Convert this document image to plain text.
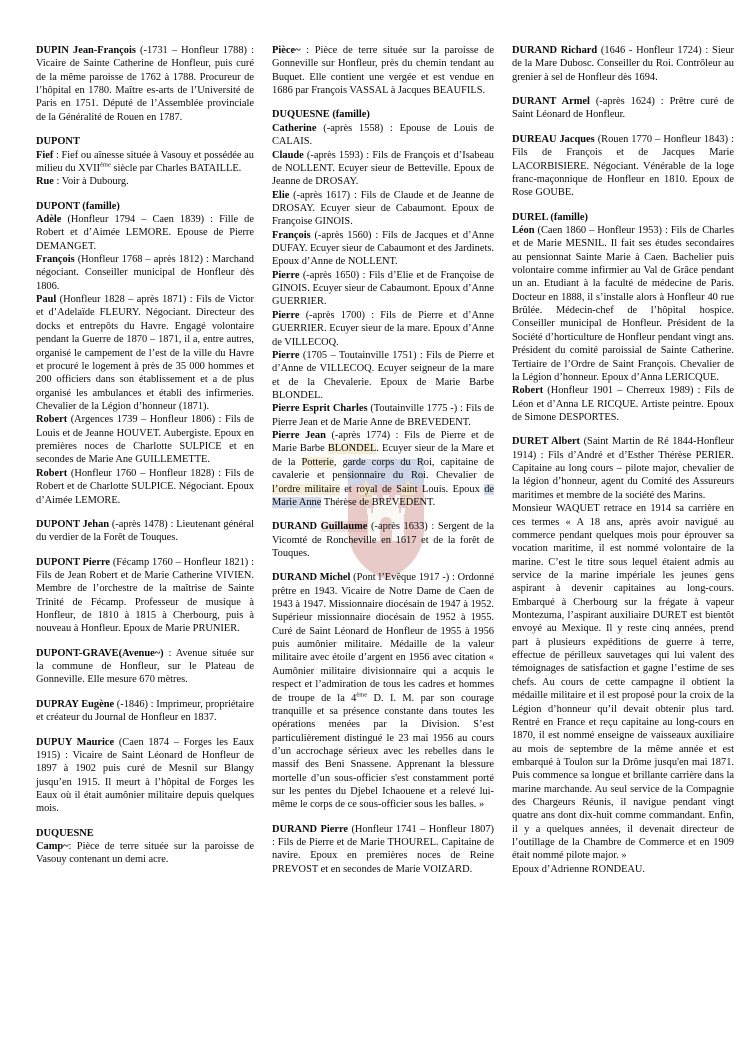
DUPIN Jean-François (-1731 – Honfleur 1788) : Vicaire de Sainte Catherine de Honfleur, puis curé de la même paroisse de 1762 à 1788. Procureur de l’hôpital en 1780. Maître es-arts de l’Université de Paris en 1751. Député de l’Assemblée provinciale de la Généralité de Rouen en 1787.

DUPONT

Fief : Fief ou aînesse située à Vasouy et possédée au milieu du XVIIème siècle par Charles BATAILLE.

Rue : Voir à Dubourg.

DUPONT (famille)

Adèle (Honfleur 1794 – Caen 1839) : Fille de Robert et d’Aimée LEMORE. Epouse de Pierre DEMANGET.

François (Honfleur 1768 – après 1812) : Marchand négociant. Conseiller municipal de Honfleur dès 1806.

Paul (Honfleur 1828 – après 1871) : Fils de Victor et d’Adelaïde FLEURY. Négociant. Directeur des docks et entrepôts du Havre. Engagé volontaire pendant la Guerre de 1870 – 1871, il a, entre autres, organisé le campement de l’est de la ville du Havre et procuré le logement à près de 35 000 hommes et 200 officiers dans son établissement et a de plus organisé les ambulances et établi des infirmeries. Chevalier de la Légion d’honneur (1871).

Robert (Argences 1739 – Honfleur 1806) : Fils de Louis et de Jeanne HOUVET. Aubergiste. Epoux en premières noces de Charlotte SULPICE et en secondes de Marie Ane GUILLEMETTE.

Robert (Honfleur 1760 – Honfleur 1828) : Fils de Robert et de Charlotte SULPICE. Négociant. Epoux d’Aimée LEMORE.

DUPONT Jehan (-après 1478) : Lieutenant général du verdier de la Forêt de Touques.

DUPONT Pierre (Fécamp 1760 – Honfleur 1821) : Fils de Jean Robert et de Marie Catherine VIVIEN. Membre de l’orchestre de la maîtrise de Sainte Trinité de Fécamp. Professeur de musique à Honfleur, de 1810 à 1815 à Cherbourg, puis à nouveau à Honfleur. Epoux de Marie PRUNIER.

DUPONT-GRAVE(Avenue~) : Avenue située sur la commune de Honfleur, sur le Plateau de Gonneville. Elle mesure 670 mètres.

DUPRAY Eugène (-1846) : Imprimeur, propriétaire et créateur du Journal de Honfleur en 1837.

DUPUY Maurice (Caen 1874 – Forges les Eaux 1915) : Vicaire de Saint Léonard de Honfleur de 1897 à 1902 puis curé de Mesnil sur Blangy jusqu’en 1915. Il meurt à l’hôpital de Forges les Eaux où il était aumônier militaire depuis quelques mois.

DUQUESNE

Camp~: Pièce de terre située sur la paroisse de Vasouy contenant un demi acre.

Pièce~ : Pièce de terre située sur la paroisse de Gonneville sur Honfleur, près du chemin tendant au Buquet. Elle contient une vergée et est vendue en 1686 par François VASSAL à Jacques BEAUFILS.

DUQUESNE (famille)

Catherine (-après 1558) : Epouse de Louis de CALAIS.

Claude (-après 1593) : Fils de François et d’Isabeau de NOLLENT. Ecuyer sieur de Betteville. Epoux de Jeanne de DROSAY.

Elie (-après 1617) : Fils de Claude et de Jeanne de DROSAY. Ecuyer sieur de Cabaumont. Epoux de Françoise GINOIS.

François (-après 1560) : Fils de Jacques et d’Anne DUFAY. Ecuyer sieur de Cabaumont et des Jardinets. Epoux d’Anne de NOLLENT.

Pierre (-après 1650) : Fils d’Elie et de Françoise de GINOIS. Ecuyer sieur de Cabaumont. Epoux d’Anne GUERRIER.

Pierre (-après 1700) : Fils de Pierre et d’Anne GUERRIER. Ecuyer sieur de la mare. Epoux d’Anne de VILLECOQ.

Pierre (1705 – Toutainville 1751) : Fils de Pierre et d’Anne de VILLECOQ. Ecuyer seigneur de la mare et de la Chevalerie. Epoux de Marie Barbe BLONDEL.

Pierre Esprit Charles (Toutainville 1775 -) : Fils de Pierre Jean et de Marie Anne de BREVEDENT.

Pierre Jean (-après 1774) : Fils de Pierre et de Marie Barbe BLONDEL. Ecuyer sieur de la Mare et de la Potterie, garde corps du Roi, capitaine de cavalerie et pensionnaire du Roi. Chevalier de l’ordre militaire et royal de Saint Louis. Epoux de Marie Anne Thérèse de BREVEDENT.

DURAND Guillaume (-après 1633) : Sergent de la Vicomté de Roncheville en 1617 et de la forêt de Touques.

DURAND Michel (Pont l’Evêque 1917 -) : Ordonné prêtre en 1943. Vicaire de Notre Dame de Caen de 1943 à 1947. Missionnaire diocésain de 1947 à 1952. Supérieur missionnaire diocésain de 1952 à 1955. Curé de Saint Léonard de Honfleur de 1955 à 1956 puis aumônier militaire. Médaille de la valeur militaire avec étoile d’argent en 1956 avec citation « Aumônier militaire divisionnaire qui a acquis le respect et l’admiration de tous les cadres et hommes de troupe de la 4ème D. I. M. par son courage tranquille et sa présence constante dans toutes les opérations menées par la Division. S’est particulièrement distingué le 23 mai 1956 au cours d’un accrochage sérieux avec les rebelles dans le massif des Beni Snassene. Apprenant la blessure mortelle d’un sous-officier s'est constamment porté sur les pentes du Djebel Ichaouene et a relevé lui-même le corps de ce sous-officier sous les balles. »

DURAND Pierre (Honfleur 1741 – Honfleur 1807) : Fils de Pierre et de Marie THOUREL. Capitaine de navire. Epoux en premières noces de Reine PREVOST et en secondes de Marie VOIZARD.

DURAND Richard (1646 - Honfleur 1724) : Sieur de la Mare Dubosc. Conseiller du Roi. Contrôleur au grenier à sel de Honfleur dès 1694.

DURANT Armel (-après 1624) : Prêtre curé de Saint Léonard de Honfleur.

DUREAU Jacques (Rouen 1770 – Honfleur 1843) : Fils de François et de Jacques Marie LACORBISIERE. Négociant. Vénérable de la loge franc-maçonnique de Honfleur en 1810. Epoux de Rose GOUBE.

DUREL (famille)

Léon (Caen 1860 – Honfleur 1953) : Fils de Charles et de Marie MESNIL. Il fait ses études secondaires au pensionnat Sainte Marie à Caen. Bachelier puis volontaire comme infirmier au Val de Grâce pendant un an. Etudiant à la faculté de médecine de Paris. Docteur en 1888, il s’installe alors à Honfleur 40 rue Brûlée. Médecin-chef de l’hôpital hospice. Conseiller municipal de Honfleur. Président de la Société d’horticulture de Honfleur pendant vingt ans. Président du comité paroissial de Sainte Catherine. Tertiaire de l’Ordre de Saint François. Chevalier de la Légion d’honneur. Epoux d’Anna LERICQUE.

Robert (Honfleur 1901 – Cherreux 1989) : Fils de Léon et d’Anna LE RICQUE. Artiste peintre. Epoux de Simone DESPORTES.

DURET Albert (Saint Martin de Ré 1844-Honfleur 1914) : Fils d’André et d’Esther Thérèse PERIER. Capitaine au long cours – pilote major, chevalier de la légion d’honneur, agent du Comité des Assureurs maritimes et membre de la société des Marins.

Monsieur WAQUET retrace en 1914 sa carrière en ces termes « A 18 ans, après avoir navigué au commerce pendant quelques mois pour éprouver sa vocation maritime, il est nommé volontaire de la marine. C’est le titre sous lequel étaient admis au service de la marine impériale les jeunes gens aspirant à devenir capitaines au long-cours. Embarqué à Cherbourg sur la frégate à vapeur Montezuma, l’aspirant auxiliaire DURET est bientôt envoyé au Mexique. Il y reste cinq années, prend part à plusieurs expéditions de guerre à terre, effectue de périlleux sauvetages qui lui valent des témoignages de satisfaction et gagne l’estime de ses chefs. Au cours de cette campagne il obtient la médaille militaire et il est proposé pour la croix de la Légion d’honneur qu’il devait obtenir plus tard. Rentré en France et reçu capitaine au long-cours en 1870, il est nommé enseigne de vaisseaux auxiliaire au mois de septembre de la même année et est embarqué à Toulon sur la Drôme jusqu'en mai 1871. Puis commence sa longue et brillante carrière dans la marine marchande. Au seul service de la Compagnie des Chargeurs Réunis, il navigue pendant vingt quatre ans dont dix-huit comme commandant. Enfin, il y a quelques années, il devenait directeur de l’outillage de la Chambre de Commerce et en 1909 était nommé pilote major. »

Epoux d’Adrienne RONDEAU.
